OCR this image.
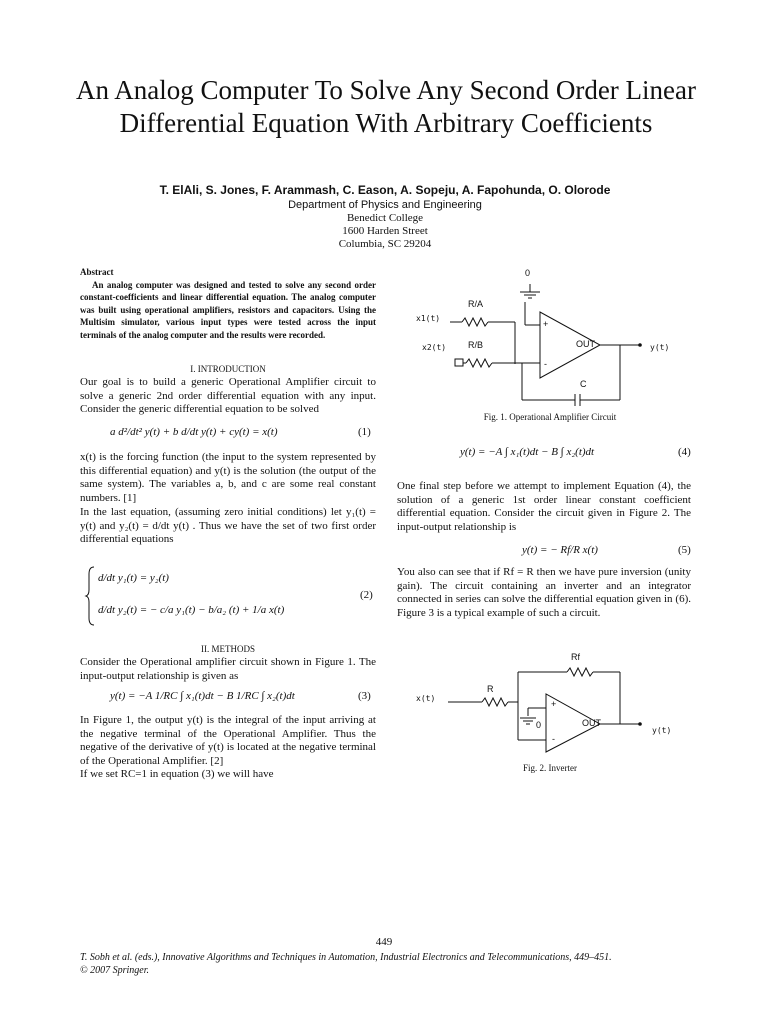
An Analog Computer To Solve Any Second Order Linear Differential Equation With Arbitrary Coefficients
T. ElAli, S. Jones, F. Arammash, C. Eason, A. Sopeju, A. Fapohunda, O. Olorode
Department of Physics and Engineering
Benedict College
1600 Harden Street
Columbia, SC 29204
Abstract
An analog computer was designed and tested to solve any second order constant-coefficients and linear differential equation. The analog computer was built using operational amplifiers, resistors and capacitors. Using the Multisim simulator, various input types were tested across the input terminals of the analog computer and the results were recorded.
I. INTRODUCTION
Our goal is to build a generic Operational Amplifier circuit to solve a generic 2nd order differential equation with any input. Consider the generic differential equation to be solved
a d²/dt² y(t) + b d/dt y(t) + cy(t) = x(t)	(1)
x(t) is the forcing function (the input to the system represented by this differential equation) and y(t) is the solution (the output of the same system). The variables a, b, and c are some real constant numbers. [1]
In the last equation, (assuming zero initial conditions) let y₁(t) = y(t) and y₂(t) = d/dt y(t) . Thus we have the set of two first order differential equations
d/dt y₁(t) = y₂(t)
d/dt y₂(t) = − c/a y₁(t) − b/a₂ (t) + 1/a x(t)
(2)
II. METHODS
Consider the Operational amplifier circuit shown in Figure 1. The input-output relationship is given as
y(t) = −A 1/RC ∫ x₁(t)dt − B 1/RC ∫ x₂(t)dt	(3)
In Figure 1, the output y(t) is the integral of the input arriving at the negative terminal of the Operational Amplifier. Thus the negative of the derivative of y(t) is located at the negative terminal of the Operational Amplifier. [2]
If we set RC=1 in equation (3) we will have
0
R/A
R/B
x1(t)
x2(t)	y(t)
OUT
+
-
C
Fig. 1. Operational Amplifier Circuit
y(t) = −A ∫ x₁(t)dt − B ∫ x₂(t)dt	(4)
One final step before we attempt to implement Equation (4), the solution of a generic 1st order linear constant coefficient differential equation. Consider the circuit given in Figure 2. The input-output relationship is
y(t) = − Rf/R x(t)	(5)
You also can see that if Rf = R then we have pure inversion (unity gain). The circuit containing an inverter and an integrator connected in series can solve the differential equation given in (6). Figure 3 is a typical example of such a circuit.
Rf
R
x(t)
y(t)
0	OUT
+
-
Fig. 2. Inverter
449
T. Sobh et al. (eds.), Innovative Algorithms and Techniques in Automation, Industrial Electronics and Telecommunications, 449–451.
© 2007 Springer.
